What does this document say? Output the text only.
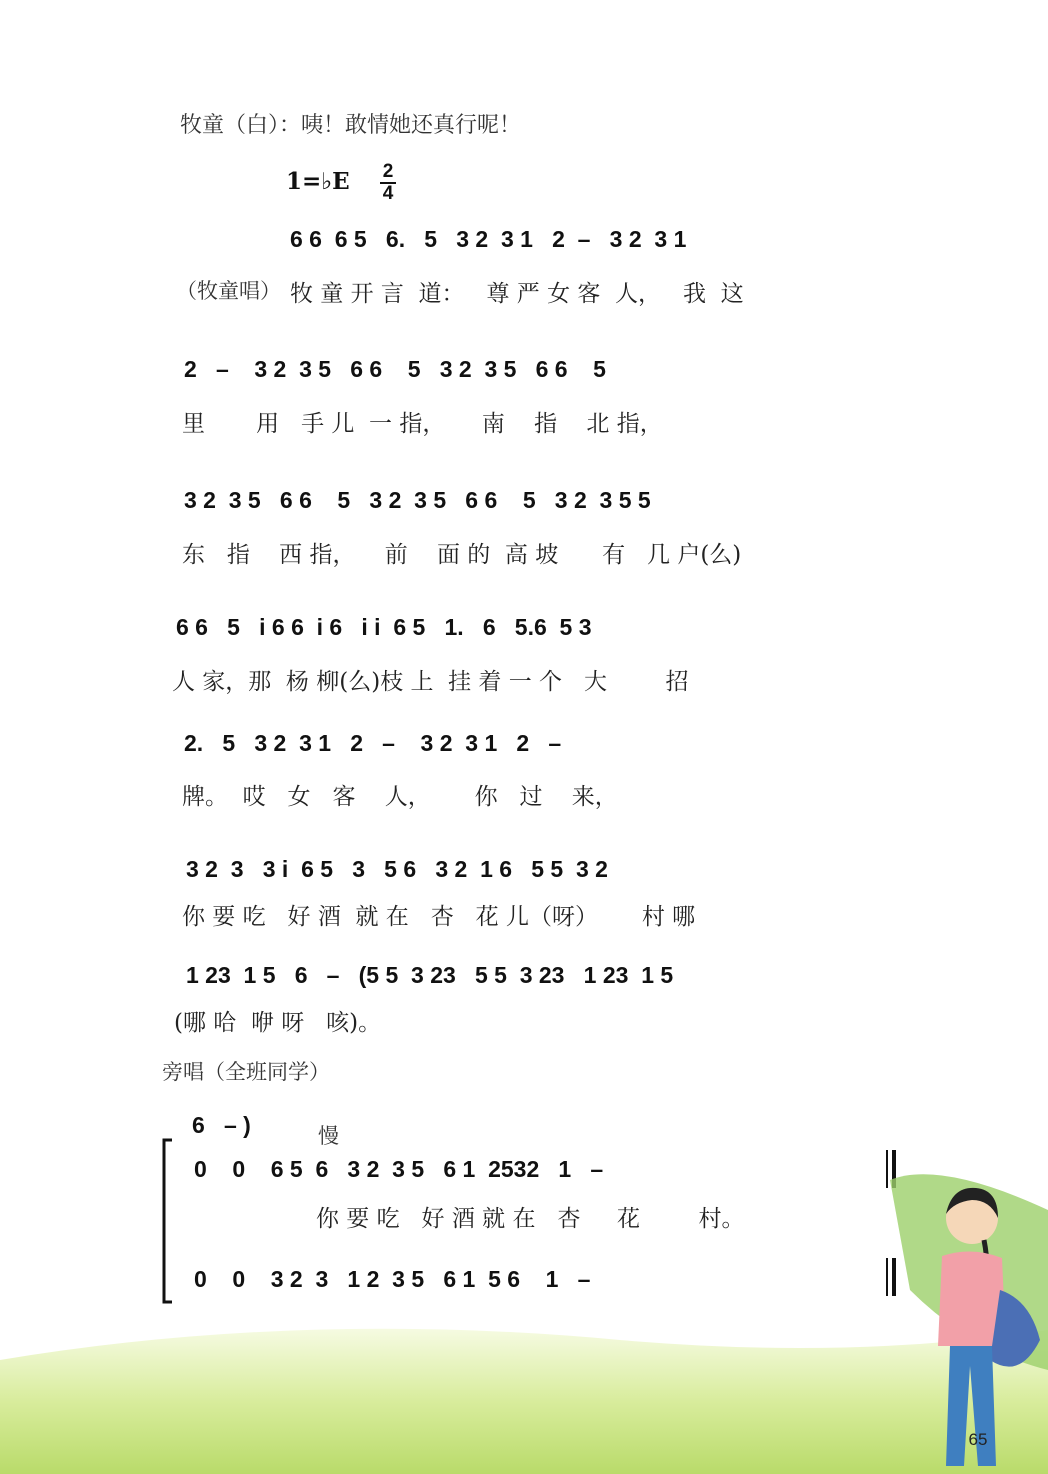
牧童（白）：咦！敢情她还真行呢！
1=♭E 2
4
6 6  6 5   6.   5   3 2  3 1   2  –   3 2  3 1
（牧童唱） 牧 童 开 言  道：   尊 严 女 客  人，   我  这
2   –    3 2  3 5   6 6    5   3 2  3 5   6 6    5
里       用   手 儿  一 指，     南    指    北 指，
3 2  3 5   6 6    5   3 2  3 5   6 6    5   3 2  3 5 5
东   指    西 指，    前    面 的  高 坡      有   几 户(么)
6 6   5   i 6 6  i 6   i i  6 5   1.   6   5.6  5 3
人 家，那  杨 柳(么)枝 上  挂 着 一 个   大        招
2.   5   3 2  3 1   2   –    3 2  3 1   2   –
牌。  哎   女   客    人，      你   过    来，
3 2  3   3 i  6 5   3   5 6   3 2  1 6   5 5  3 2
你 要 吃   好 酒  就 在   杏   花 儿（呀）      村 哪
1 23  1 5   6   –   (5 5  3 23   5 5  3 23   1 23  1 5
(哪 哈  咿 呀   咳)。
旁唱（全班同学）
6   – )	慢
0    0    6 5  6   3 2  3 5   6 1  2532   1   –
你 要 吃   好 酒 就 在   杏     花        村。
0    0    3 2  3   1 2  3 5   6 1  5 6    1   –
65
